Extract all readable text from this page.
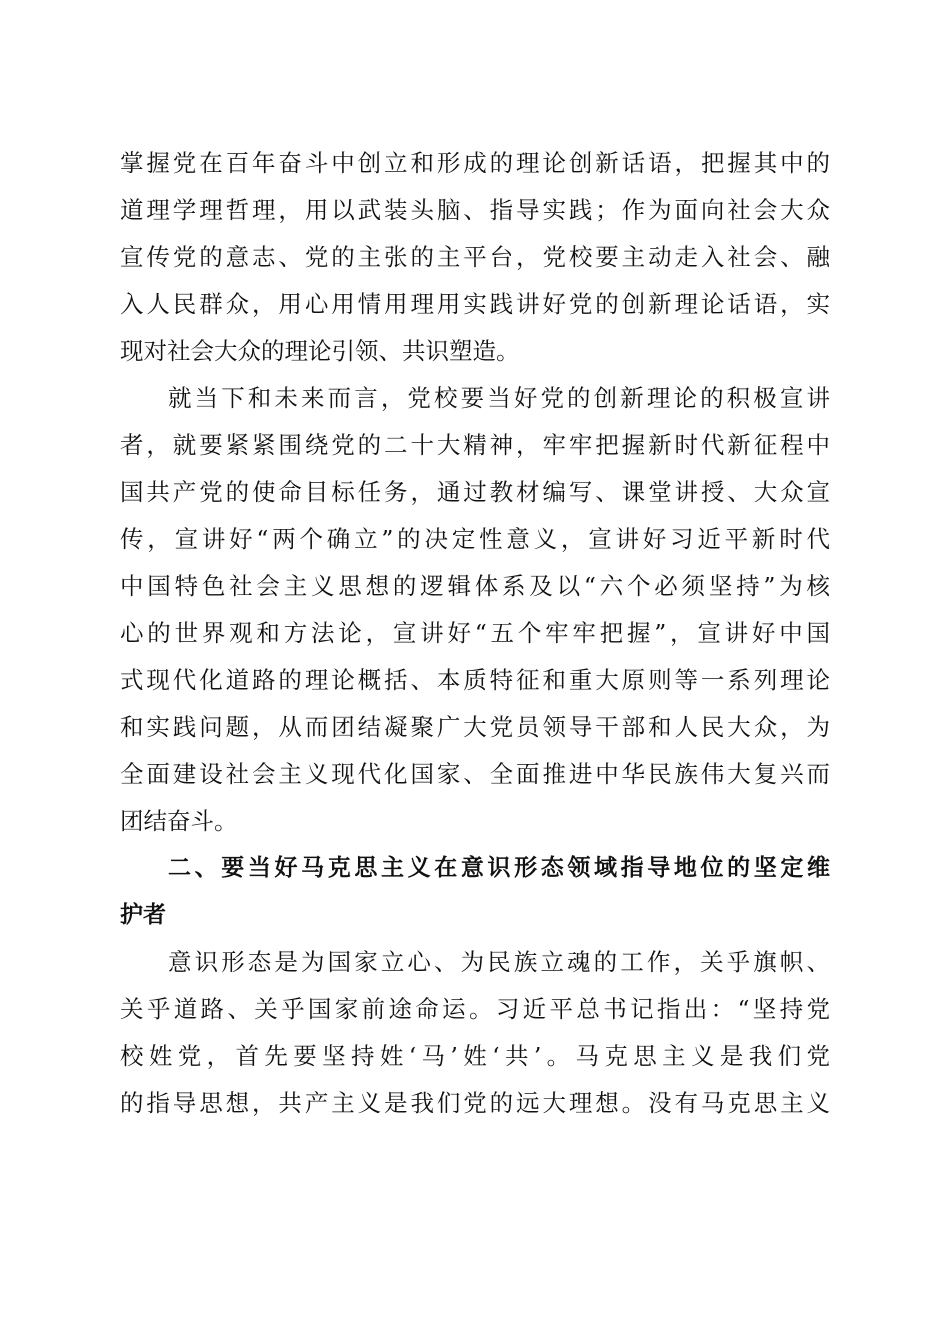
掌握党在百年奋斗中创立和形成的理论创新话语，把握其中的
道理学理哲理，用以武装头脑、指导实践；作为面向社会大众
宣传党的意志、党的主张的主平台，党校要主动走入社会、融
入人民群众，用心用情用理用实践讲好党的创新理论话语，实
现对社会大众的理论引领、共识塑造。
就当下和未来而言，党校要当好党的创新理论的积极宣讲
者，就要紧紧围绕党的二十大精神，牢牢把握新时代新征程中
国共产党的使命目标任务，通过教材编写、课堂讲授、大众宣
传，宣讲好“两个确立”的决定性意义，宣讲好习近平新时代
中国特色社会主义思想的逻辑体系及以“六个必须坚持”为核
心的世界观和方法论，宣讲好“五个牢牢把握”，宣讲好中国
式现代化道路的理论概括、本质特征和重大原则等一系列理论
和实践问题，从而团结凝聚广大党员领导干部和人民大众，为
全面建设社会主义现代化国家、全面推进中华民族伟大复兴而
团结奋斗。
二、要当好马克思主义在意识形态领域指导地位的坚定维
护者
意识形态是为国家立心、为民族立魂的工作，关乎旗帜、
关乎道路、关乎国家前途命运。习近平总书记指出：“坚持党
校姓党，首先要坚持姓‘马’姓‘共’。马克思主义是我们党
的指导思想，共产主义是我们党的远大理想。没有马克思主义
